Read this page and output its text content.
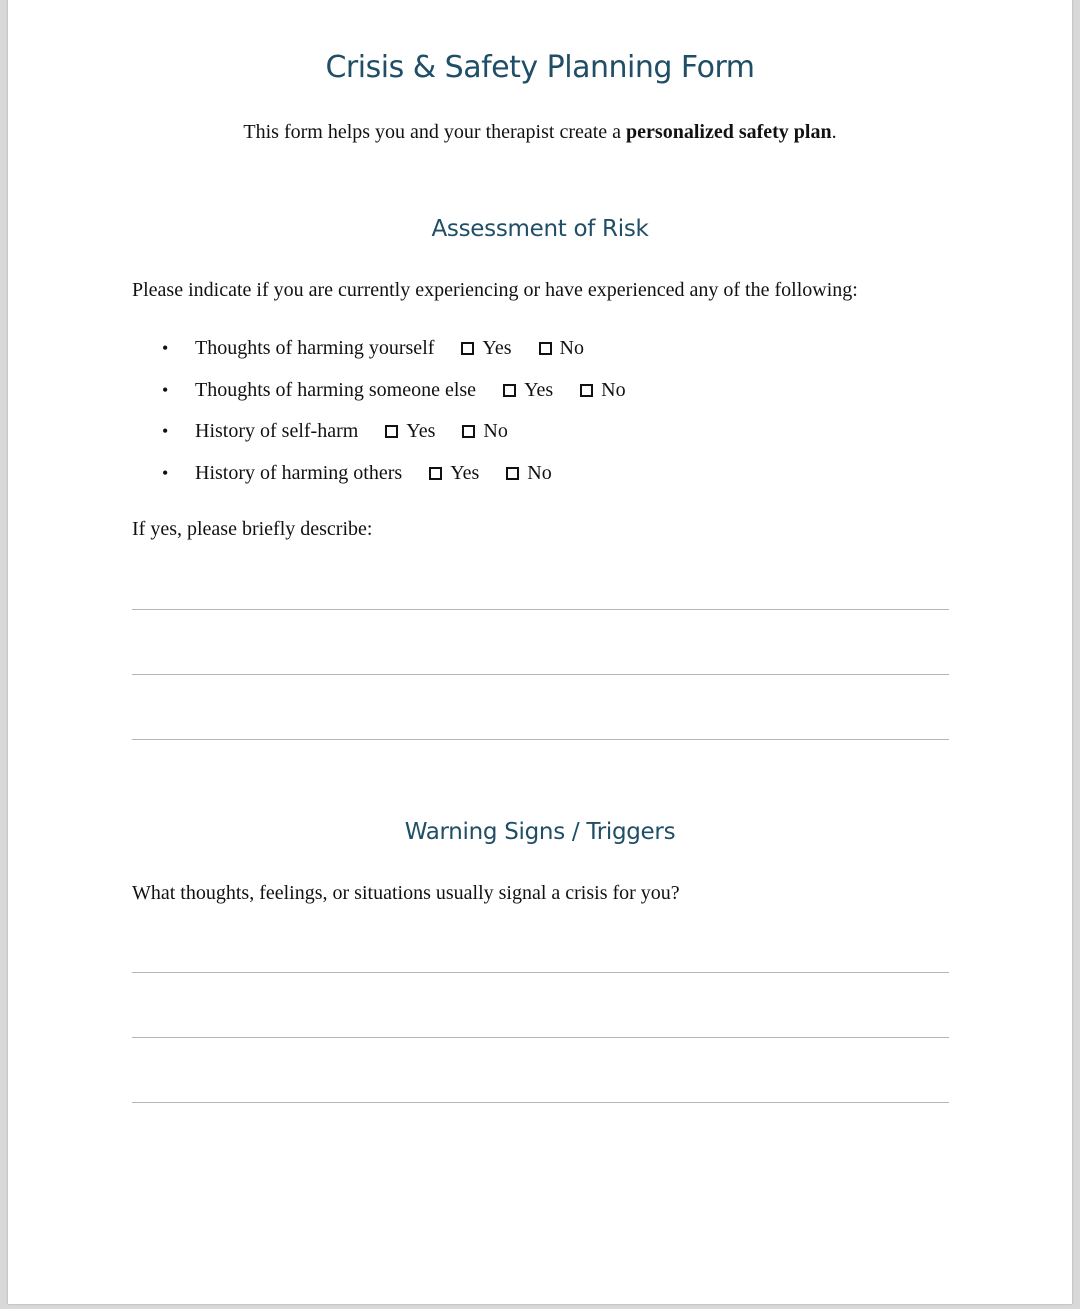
Crisis & Safety Planning Form
This form helps you and your therapist create a personalized safety plan.
Assessment of Risk
Please indicate if you are currently experiencing or have experienced any of the following:
•	Thoughts of harming yourself Yes No
•	Thoughts of harming someone else Yes No
•	History of self-harm Yes No
•	History of harming others Yes No
If yes, please briefly describe:
Warning Signs / Triggers
What thoughts, feelings, or situations usually signal a crisis for you?
